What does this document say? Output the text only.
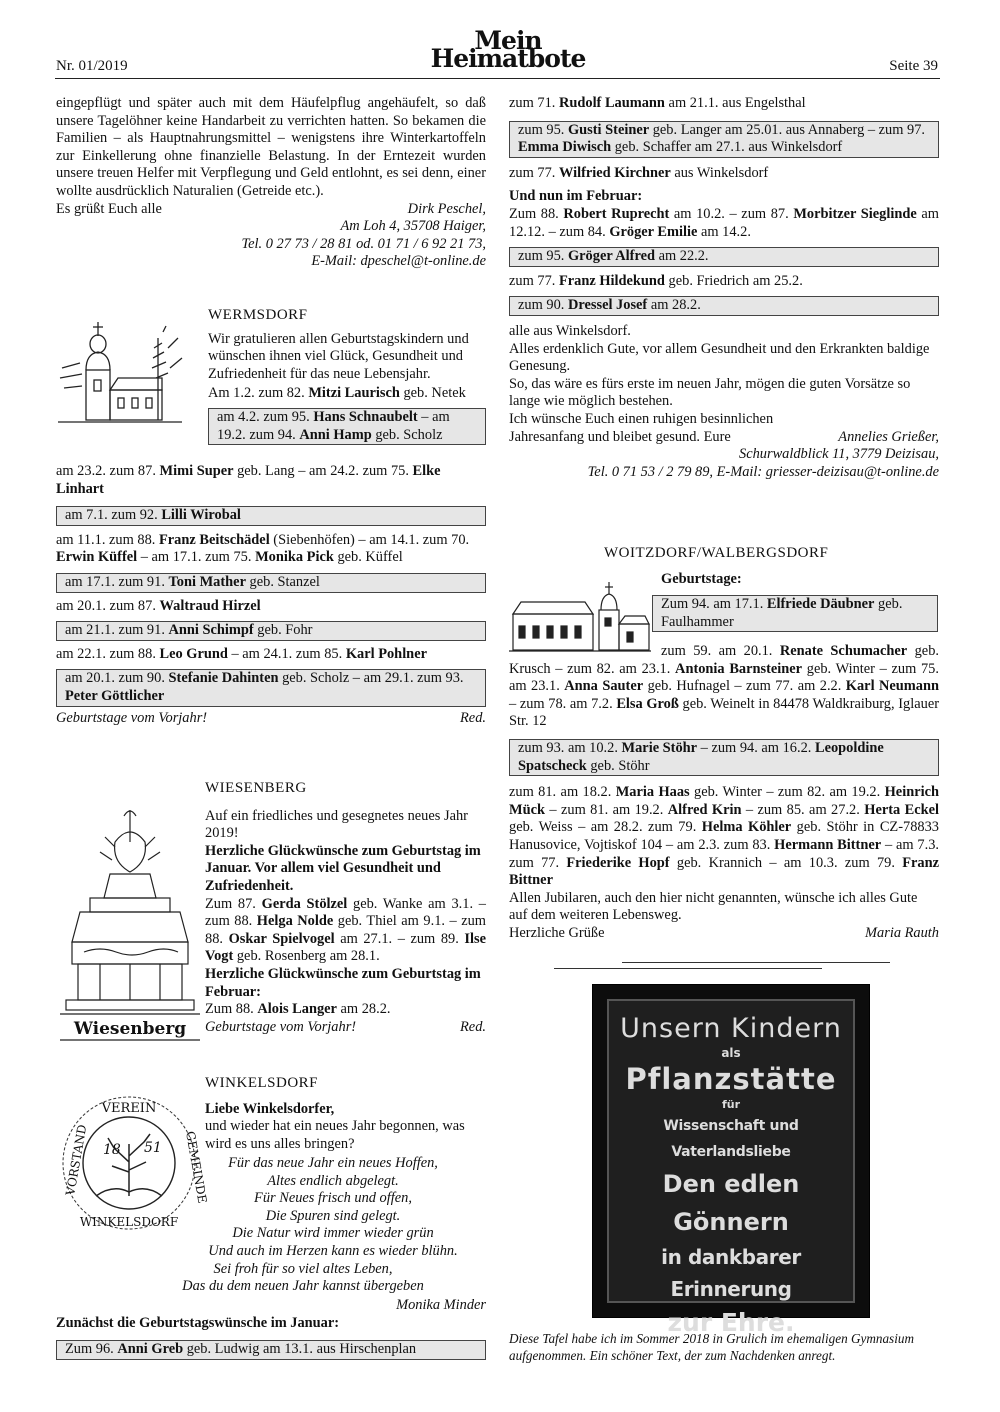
Nr. 01/2019
Mein Heimatbote	Seite 39

eingepflügt und später auch mit dem Häufelpflug angehäufelt, so daß unsere Tagelöhner keine Handarbeit zu verrichten hatten. So bekamen die Familien – als Hauptnahrungsmittel – wenigstens ihre Winterkartoffeln zur Einkellerung ohne finanzielle Belastung. In der Erntezeit wurden unsere treuen Helfer mit Verpflegung und Geld entlohnt, es sei denn, einer wollte ausdrücklich Naturalien (Getreide etc.).

Es grüßt Euch alle	Dirk Peschel,

Am Loh 4, 35708 Haiger,

Tel. 0 27 73 / 28 81 od. 01 71 / 6 92 21 73,

E-Mail: dpeschel@t-online.de

WERMSDORF

Wir gratulieren allen Geburtstagskindern und wünschen ihnen viel Glück, Gesundheit und Zufriedenheit für das neue Lebensjahr.

Am 1.2. zum 82. Mitzi Laurisch geb. Netek

am 4.2. zum 95. Hans Schnaubelt – am
19.2. zum 94. Anni Hamp geb. Scholz

am 23.2. zum 87. Mimi Super geb. Lang – am 24.2. zum 75. Elke Linhart

am 7.1. zum 92. Lilli Wirobal

am 11.1. zum 88. Franz Beitschädel (Siebenhöfen) – am 14.1. zum 70. Erwin Küffel – am 17.1. zum 75. Monika Pick geb. Küffel

am 17.1. zum 91. Toni Mather geb. Stanzel

am 20.1. zum 87. Waltraud Hirzel

am 21.1. zum 91. Anni Schimpf geb. Fohr

am 22.1. zum 88. Leo Grund – am 24.1. zum 85. Karl Pohlner

am 20.1. zum 90. Stefanie Dahinten geb. Scholz – am 29.1. zum 93. Peter Göttlicher
Geburtstage vom Vorjahr!	Red.
Wiesenberg

WIESENBERG

Auf ein friedliches und gesegnetes neues Jahr 2019!

Herzliche Glückwünsche zum Geburtstag im Januar. Vor allem viel Gesundheit und Zufriedenheit.

Zum 87. Gerda Stölzel geb. Wanke am 3.1. – zum 88. Helga Nolde geb. Thiel am 9.1. – zum 88. Oskar Spielvogel am 27.1. – zum 89. Ilse Vogt geb. Rosenberg am 28.1.

Herzliche Glückwünsche zum Geburtstag im Februar:

Zum 88. Alois Langer am 28.2.

Geburtstage vom Vorjahr!	Red.
18 51
VEREIN
WINKELSDORF
VORSTAND	GEMEINDE

WINKELSDORF

Liebe Winkelsdorfer,

und wieder hat ein neues Jahr begonnen, was wird es uns alles bringen?

Für das neue Jahr ein neues Hoffen,

Altes endlich abgelegt.

Für Neues frisch und offen,

Die Spuren sind gelegt.

Die Natur wird immer wieder grün

Und auch im Herzen kann es wieder blühn.

Sei froh für so viel altes Leben,

Das du dem neuen Jahr kannst übergeben

Monika Minder

Zunächst die Geburtstagswünsche im Januar:

Zum 96. Anni Greb geb. Ludwig am 13.1. aus Hirschenplan

zum 71. Rudolf Laumann am 21.1. aus Engelsthal

zum 95. Gusti Steiner geb. Langer am 25.01. aus Annaberg – zum 97. Emma Diwisch geb. Schaffer am 27.1. aus Winkelsdorf

zum 77. Wilfried Kirchner aus Winkelsdorf

Und nun im Februar:

Zum 88. Robert Ruprecht am 10.2. – zum 87. Morbitzer Sieglinde am 12.12. – zum 84. Gröger Emilie am 14.2.

zum 95. Gröger Alfred am 22.2.

zum 77. Franz Hildekund geb. Friedrich am 25.2.

zum 90. Dressel Josef am 28.2.

alle aus Winkelsdorf.

Alles erdenklich Gute, vor allem Gesundheit und den Erkrankten baldige Genesung.

So, das wäre es fürs erste im neuen Jahr, mögen die guten Vorsätze so lange wie möglich bestehen.

Ich wünsche Euch einen ruhigen besinnlichen Jahresanfang und bleibet gesund. Eure	Annelies Grießer,

Schurwaldblick 11, 3779 Deizisau,

Tel. 0 71 53 / 2 79 89, E-Mail: griesser-deizisau@t-online.de

WOITZDORF/WALBERGSDORF

Geburtstage:

Zum 94. am 17.1. Elfriede Däubner geb. Faulhammer

zum 59. am 20.1. Renate Schumacher geb. Krusch – zum 82. am 23.1. Antonia Barnsteiner geb. Winter – zum 75. am 23.1. Anna Sauter geb. Hufnagel – zum 77. am 2.2. Karl Neumann – zum 78. am 7.2. Elsa Groß geb. Weinelt in 84478 Waldkraiburg, Iglauer Str. 12

zum 93. am 10.2. Marie Stöhr – zum 94. am 16.2. Leopoldine Spatscheck geb. Stöhr

zum 81. am 18.2. Maria Haas geb. Winter – zum 82. am 19.2. Heinrich Mück – zum 81. am 19.2. Alfred Krin – zum 85. am 27.2. Herta Eckel geb. Weiss – am 28.2. zum 79. Helma Köhler geb. Stöhr in CZ-78833 Hanusovice, Vojtiskof 104 – am 2.3. zum 83. Hermann Bittner – am 7.3. zum 77. Friederike Hopf geb. Krannich – am 10.3. zum 79. Franz Bittner

Allen Jubilaren, auch den hier nicht genannten, wünsche ich alles Gute auf dem weiteren Lebensweg.

Herzliche Grüße	Maria Rauth
Unsern Kindern
als
Pflanzstätte
für
Wissenschaft und Vaterlandsliebe
Den edlen Gönnern
in dankbarer Erinnerung
zur Ehre.

Diese Tafel habe ich im Sommer 2018 in Grulich im ehemaligen Gymnasium aufgenommen. Ein schöner Text, der zum Nachdenken anregt.
